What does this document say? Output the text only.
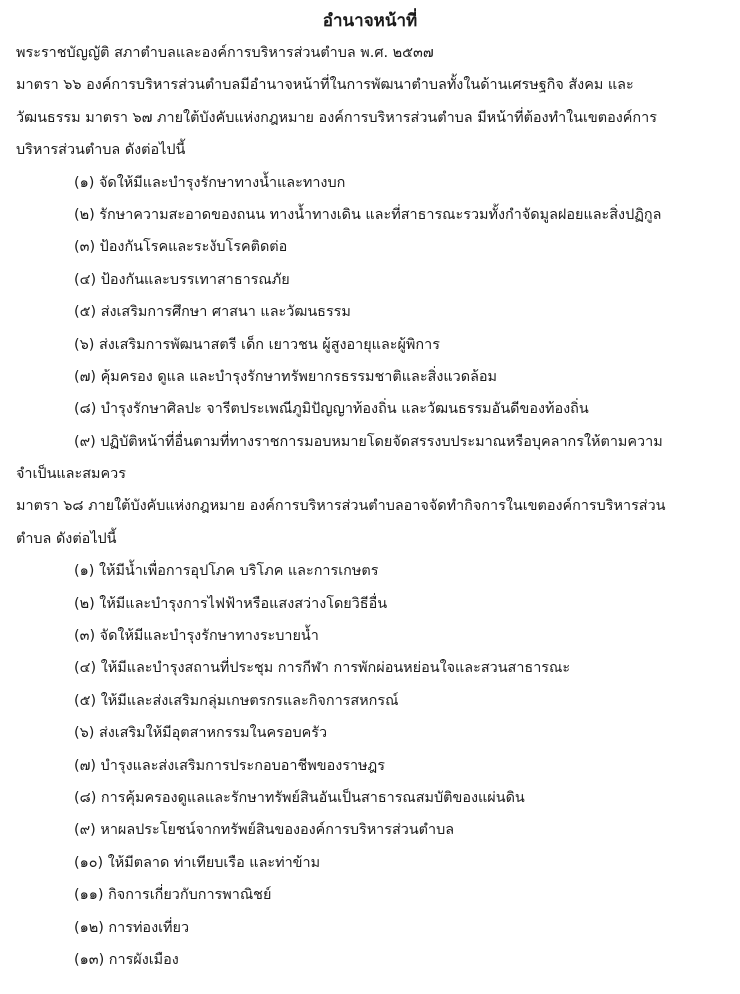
อำนาจหน้าที่

พระราชบัญญัติ สภาตำบลและองค์การบริหารส่วนตำบล พ.ศ. ๒๕๓๗

มาตรา ๖๖ องค์การบริหารส่วนตำบลมีอำนาจหน้าที่ในการพัฒนาตำบลทั้งในด้านเศรษฐกิจ สังคม และ

วัฒนธรรม มาตรา ๖๗ ภายใต้บังคับแห่งกฎหมาย องค์การบริหารส่วนตำบล มีหน้าที่ต้องทำในเขตองค์การ

บริหารส่วนตำบล ดังต่อไปนี้

(๑) จัดให้มีและบำรุงรักษาทางน้ำและทางบก

(๒) รักษาความสะอาดของถนน ทางน้ำทางเดิน และที่สาธารณะรวมทั้งกำจัดมูลฝอยและสิ่งปฏิกูล

(๓) ป้องกันโรคและระงับโรคติดต่อ

(๔) ป้องกันและบรรเทาสาธารณภัย

(๕) ส่งเสริมการศึกษา ศาสนา และวัฒนธรรม

(๖) ส่งเสริมการพัฒนาสตรี เด็ก เยาวชน ผู้สูงอายุและผู้พิการ

(๗) คุ้มครอง ดูแล และบำรุงรักษาทรัพยากรธรรมชาติและสิ่งแวดล้อม

(๘) บำรุงรักษาศิลปะ จารีตประเพณีภูมิปัญญาท้องถิ่น และวัฒนธรรมอันดีของท้องถิ่น

(๙) ปฏิบัติหน้าที่อื่นตามที่ทางราชการมอบหมายโดยจัดสรรงบประมาณหรือบุคลากรให้ตามความ

จำเป็นและสมควร

มาตรา ๖๘ ภายใต้บังคับแห่งกฎหมาย องค์การบริหารส่วนตำบลอาจจัดทำกิจการในเขตองค์การบริหารส่วน

ตำบล ดังต่อไปนี้

(๑) ให้มีน้ำเพื่อการอุปโภค บริโภค และการเกษตร

(๒) ให้มีและบำรุงการไฟฟ้าหรือแสงสว่างโดยวิธีอื่น

(๓) จัดให้มีและบำรุงรักษาทางระบายน้ำ

(๔) ให้มีและบำรุงสถานที่ประชุม การกีฬา การพักผ่อนหย่อนใจและสวนสาธารณะ

(๕) ให้มีและส่งเสริมกลุ่มเกษตรกรและกิจการสหกรณ์

(๖) ส่งเสริมให้มีอุตสาหกรรมในครอบครัว

(๗) บำรุงและส่งเสริมการประกอบอาชีพของราษฎร

(๘) การคุ้มครองดูแลและรักษาทรัพย์สินอันเป็นสาธารณสมบัติของแผ่นดิน

(๙) หาผลประโยชน์จากทรัพย์สินขององค์การบริหารส่วนตำบล

(๑๐) ให้มีตลาด ท่าเทียบเรือ และท่าข้าม

(๑๑) กิจการเกี่ยวกับการพาณิชย์

(๑๒) การท่องเที่ยว

(๑๓) การผังเมือง
